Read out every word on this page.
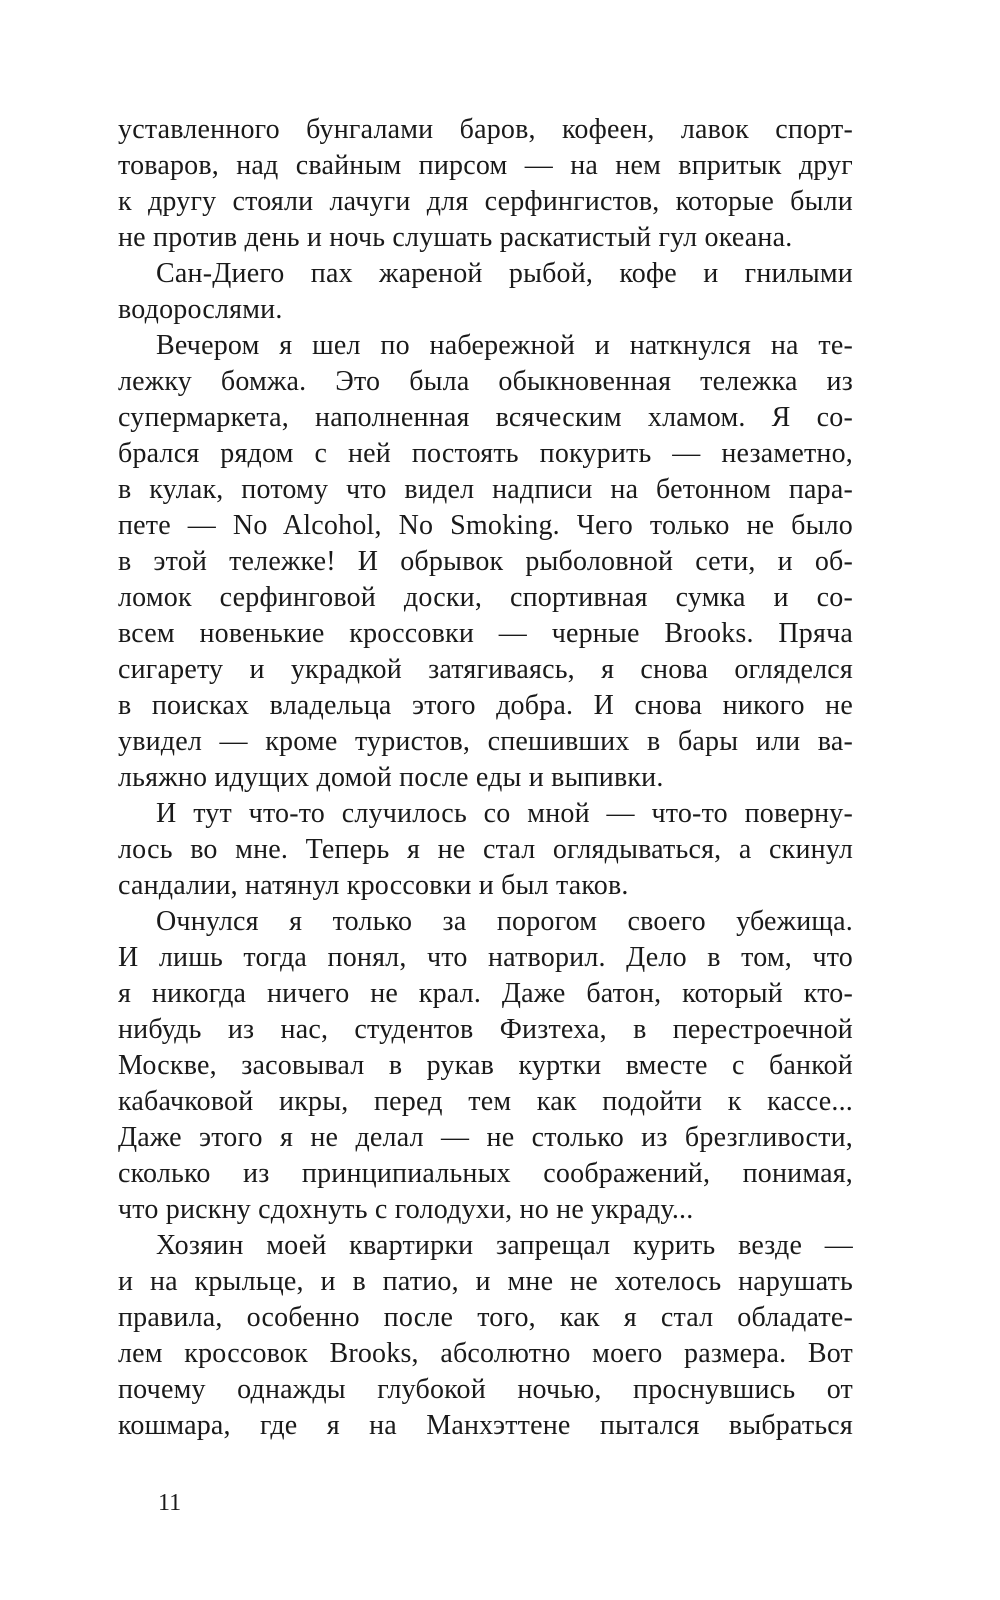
уставленного бунгалами баров, кофеен, лавок спорт-
товаров, над свайным пирсом — на нем впритык друг
к другу стояли лачуги для серфингистов, которые были
не против день и ночь слушать раскатистый гул океана.
Сан-Диего пах жареной рыбой, кофе и гнилыми
водорослями.
Вечером я шел по набережной и наткнулся на те-
лежку бомжа. Это была обыкновенная тележка из
супермаркета, наполненная всяческим хламом. Я со-
брался рядом с ней постоять покурить — незаметно,
в кулак, потому что видел надписи на бетонном пара-
пете — No Alcohol, No Smoking. Чего только не было
в этой тележке! И обрывок рыболовной сети, и об-
ломок серфинговой доски, спортивная сумка и со-
всем новенькие кроссовки — черные Brooks. Пряча
сигарету и украдкой затягиваясь, я снова огляделся
в поисках владельца этого добра. И снова никого не
увидел — кроме туристов, спешивших в бары или ва-
льяжно идущих домой после еды и выпивки.
И тут что-то случилось со мной — что-то поверну-
лось во мне. Теперь я не стал оглядываться, а скинул
сандалии, натянул кроссовки и был таков.
Очнулся я только за порогом своего убежища.
И лишь тогда понял, что натворил. Дело в том, что
я никогда ничего не крал. Даже батон, который кто-
нибудь из нас, студентов Физтеха, в перестроечной
Москве, засовывал в рукав куртки вместе с банкой
кабачковой икры, перед тем как подойти к кассе...
Даже этого я не делал — не столько из брезгливости,
сколько из принципиальных соображений, понимая,
что рискну сдохнуть с голодухи, но не украду...
Хозяин моей квартирки запрещал курить везде —
и на крыльце, и в патио, и мне не хотелось нарушать
правила, особенно после того, как я стал обладате-
лем кроссовок Brooks, абсолютно моего размера. Вот
почему однажды глубокой ночью, проснувшись от
кошмара, где я на Манхэттене пытался выбраться
11
